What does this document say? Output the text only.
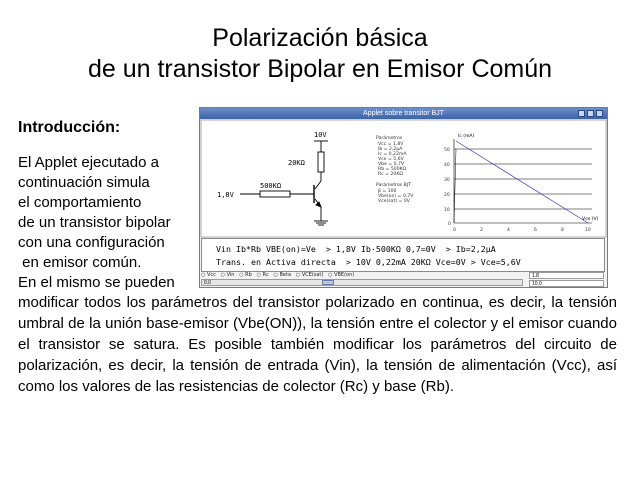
Polarización básica
de un transistor Bipolar en Emisor Común
Introducción:
El Applet ejecutado a
continuación simula
el comportamiento
de un transistor bipolar
con una configuración
en emisor común.
En el mismo se pueden
modificar todos los parámetros del transistor polarizado en continua, es decir, la tensión umbral de la unión base-emisor (Vbe(ON)), la tensión entre el colector y el emisor cuando el transistor se satura. Es posible también modificar los parámetros del circuito de polarización, es decir, la tensión de entrada (Vin), la tensión de alimentación (Vcc), así como los valores de las resistencias de colector (Rc) y base (Rb).
Applet sobre transitor BJT
10V
20KΩ
500KΩ
1,8V
Parámetros
Vcc = 1,8V
Ib = 2,2μA
Ic = 0,22mA
Vce = 5,6V
Vbe = 0,7V
Rb = 500KΩ
Rc = 20KΩ
Parámetros BJT
β = 100
Vbe(on) = 0,7V
Vce(sat) = 0V
Ic (mA)
Vce (V)
50
40
30
20
10
0
0	2	4	6	8	10
Vin Ib*Rb VBE(on)=Ve  > 1,8V Ib·500KΩ 0,7=0V  > Ib=2,2μA
Trans. en Activa directa  > 10V 0,22mA 20KΩ Vce=0V > Vce=5,6V
○ Vcc   ○ Vin   ○ Rb   ○ Rc   ○ Beta   ○ VCE(sat)   ○ VBE(on)
0.0
1.8
10.0
